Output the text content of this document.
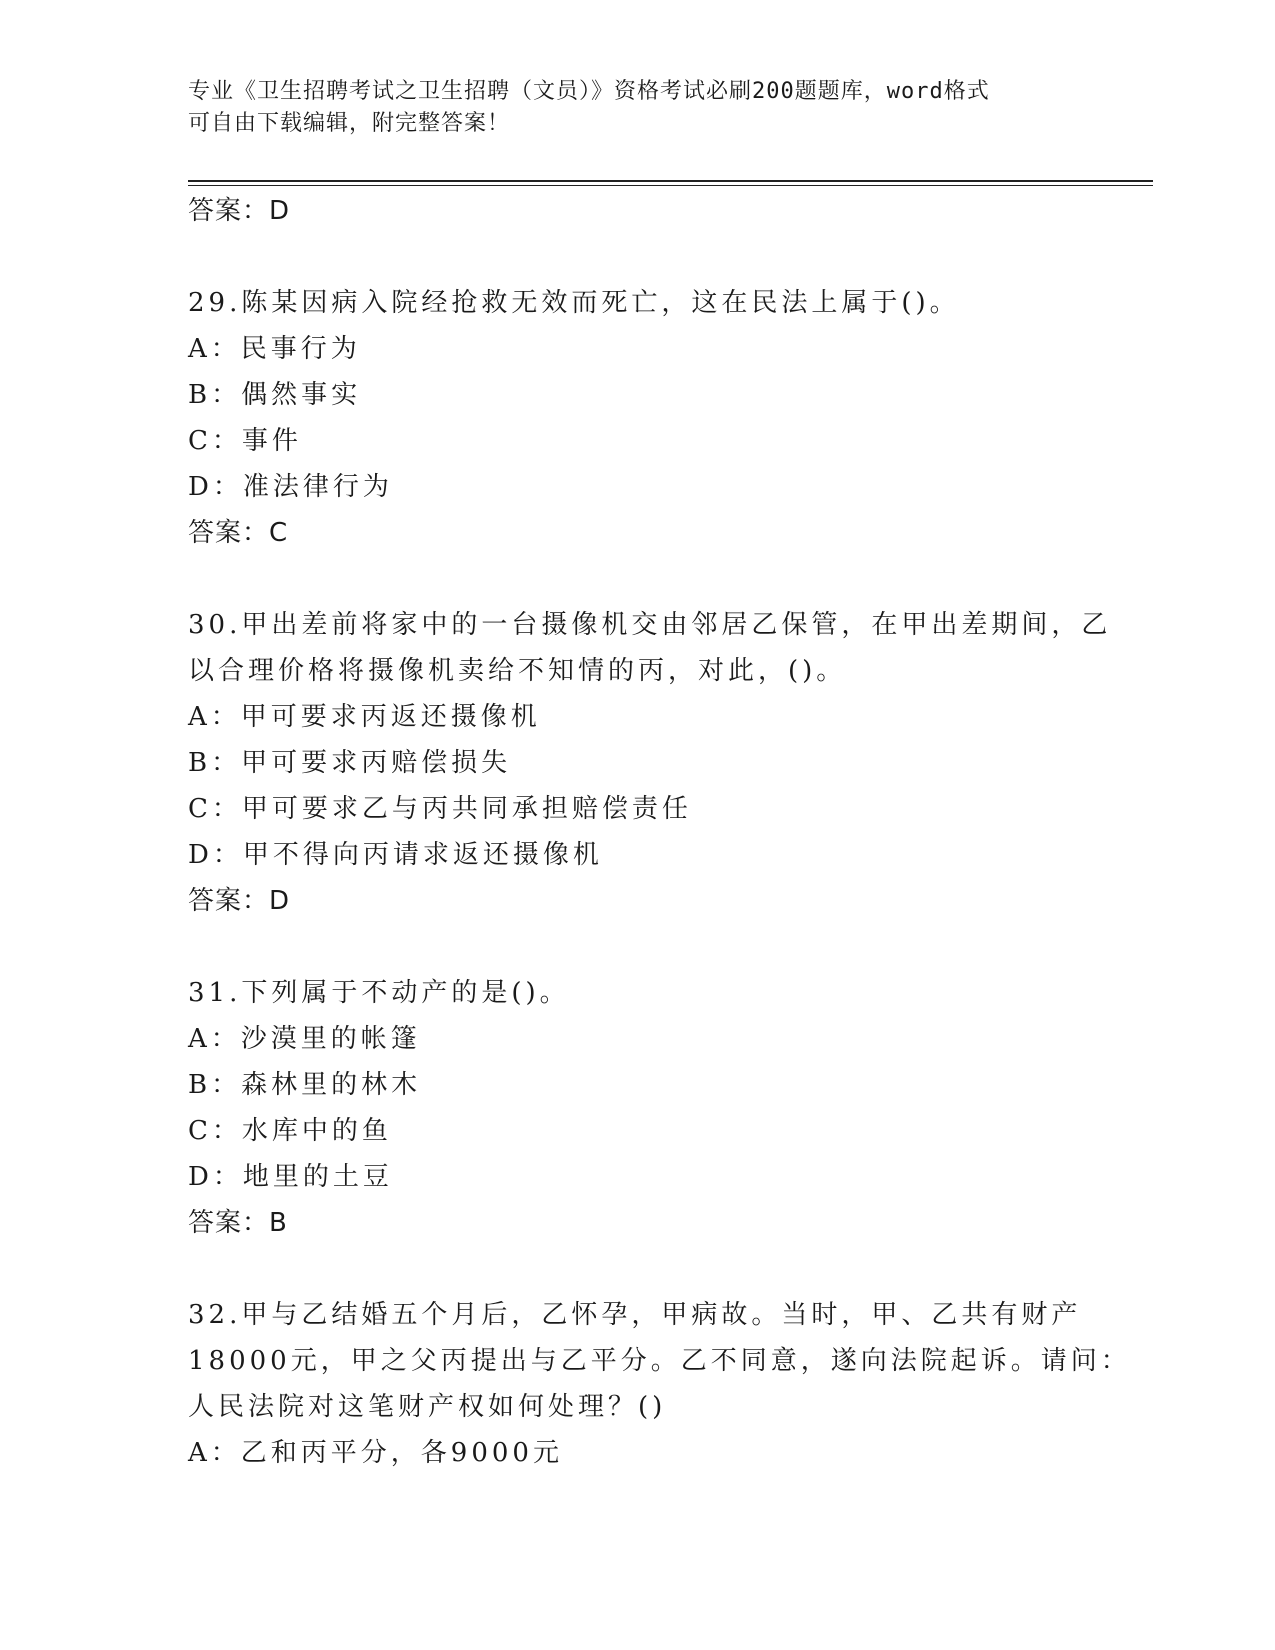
专业《卫生招聘考试之卫生招聘（文员）》资格考试必刷200题题库，word格式
可自由下载编辑，附完整答案！
答案：D
29.陈某因病入院经抢救无效而死亡，这在民法上属于()。
A：民事行为
B：偶然事实
C：事件
D：准法律行为
答案：C
30.甲出差前将家中的一台摄像机交由邻居乙保管，在甲出差期间，乙
以合理价格将摄像机卖给不知情的丙，对此，()。
A：甲可要求丙返还摄像机
B：甲可要求丙赔偿损失
C：甲可要求乙与丙共同承担赔偿责任
D：甲不得向丙请求返还摄像机
答案：D
31.下列属于不动产的是()。
A：沙漠里的帐篷
B：森林里的林木
C：水库中的鱼
D：地里的土豆
答案：B
32.甲与乙结婚五个月后，乙怀孕，甲病故。当时，甲、乙共有财产
18000元，甲之父丙提出与乙平分。乙不同意，遂向法院起诉。请问：
人民法院对这笔财产权如何处理？()
A：乙和丙平分，各9000元
